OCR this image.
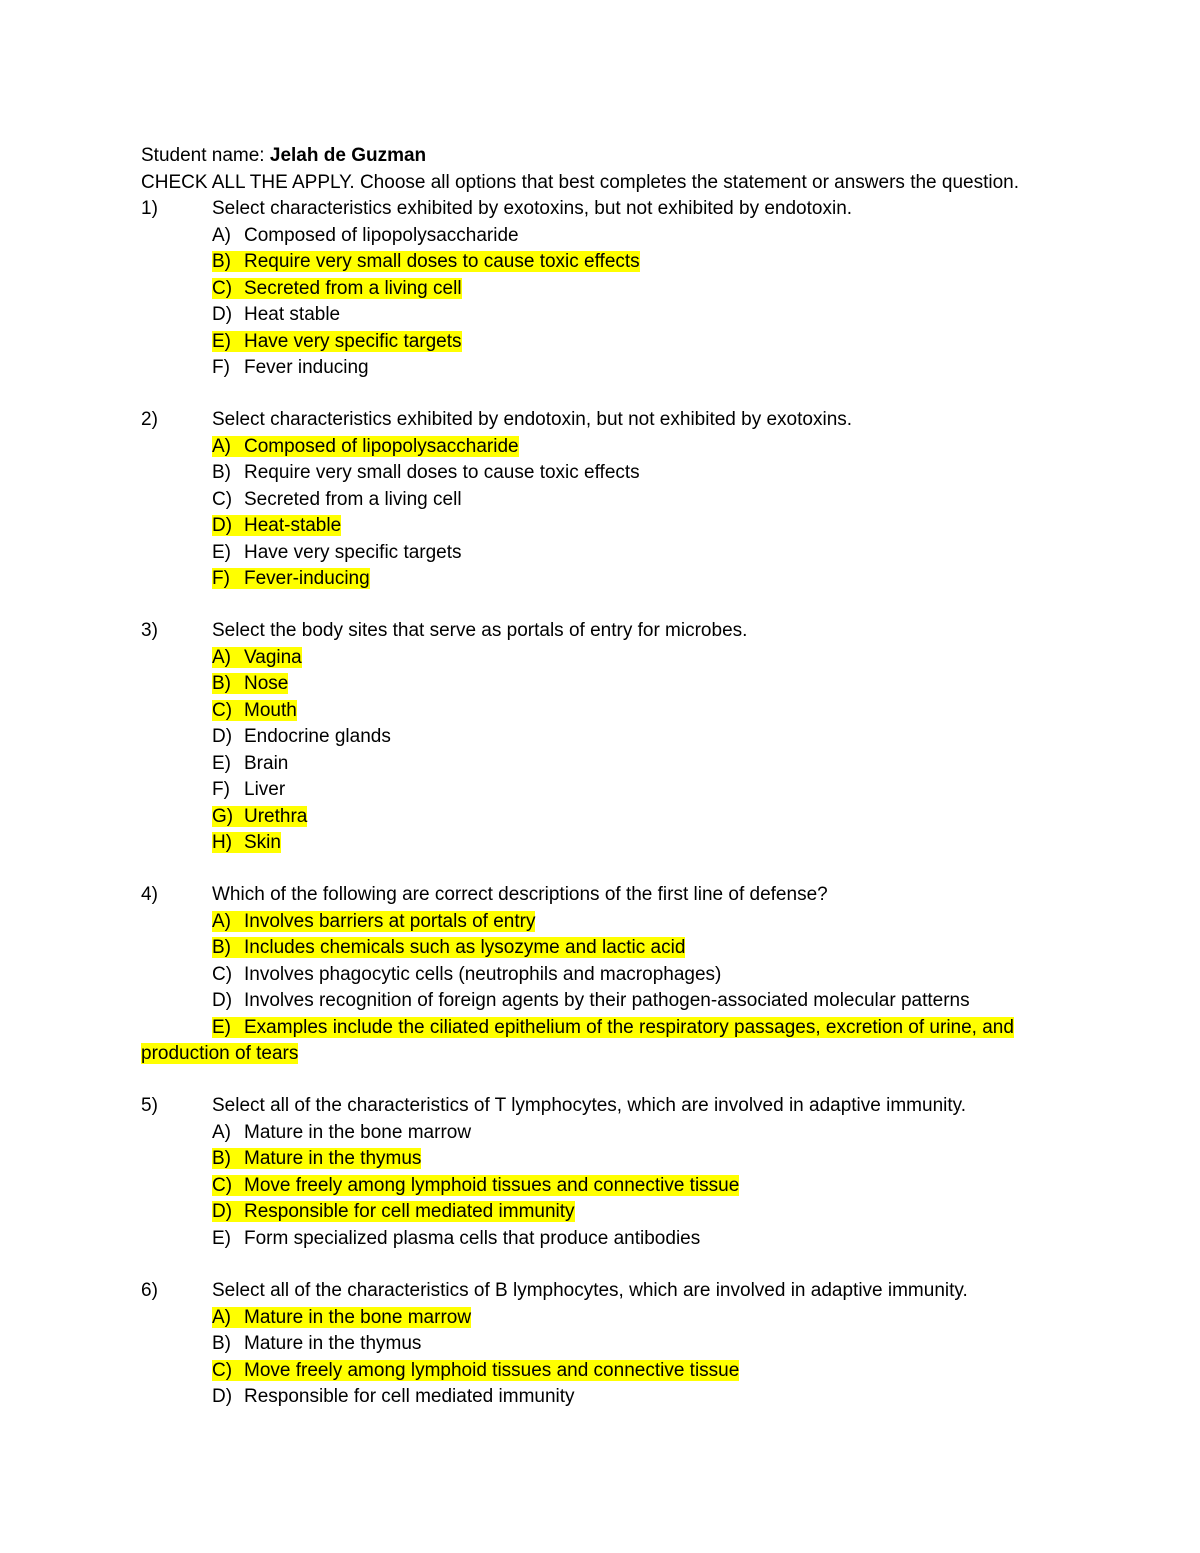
Student name: Jelah de Guzman
CHECK ALL THE APPLY. Choose all options that best completes the statement or answers the question.
1)	Select characteristics exhibited by exotoxins, but not exhibited by endotoxin.
A) Composed of lipopolysaccharide
B) Require very small doses to cause toxic effects
C) Secreted from a living cell
D) Heat stable
E) Have very specific targets
F) Fever inducing
2)	Select characteristics exhibited by endotoxin, but not exhibited by exotoxins.
A) Composed of lipopolysaccharide
B) Require very small doses to cause toxic effects
C) Secreted from a living cell
D) Heat-stable
E) Have very specific targets
F) Fever-inducing
3)	Select the body sites that serve as portals of entry for microbes.
A) Vagina
B) Nose
C) Mouth
D) Endocrine glands
E) Brain
F) Liver
G) Urethra
H) Skin
4)	Which of the following are correct descriptions of the first line of defense?
A) Involves barriers at portals of entry
B) Includes chemicals such as lysozyme and lactic acid
C) Involves phagocytic cells (neutrophils and macrophages)
D) Involves recognition of foreign agents by their pathogen-associated molecular patterns
E) Examples include the ciliated epithelium of the respiratory passages, excretion of urine, and
production of tears
5)	Select all of the characteristics of T lymphocytes, which are involved in adaptive immunity.
A) Mature in the bone marrow
B) Mature in the thymus
C) Move freely among lymphoid tissues and connective tissue
D) Responsible for cell mediated immunity
E) Form specialized plasma cells that produce antibodies
6)	Select all of the characteristics of B lymphocytes, which are involved in adaptive immunity.
A) Mature in the bone marrow
B) Mature in the thymus
C) Move freely among lymphoid tissues and connective tissue
D) Responsible for cell mediated immunity
